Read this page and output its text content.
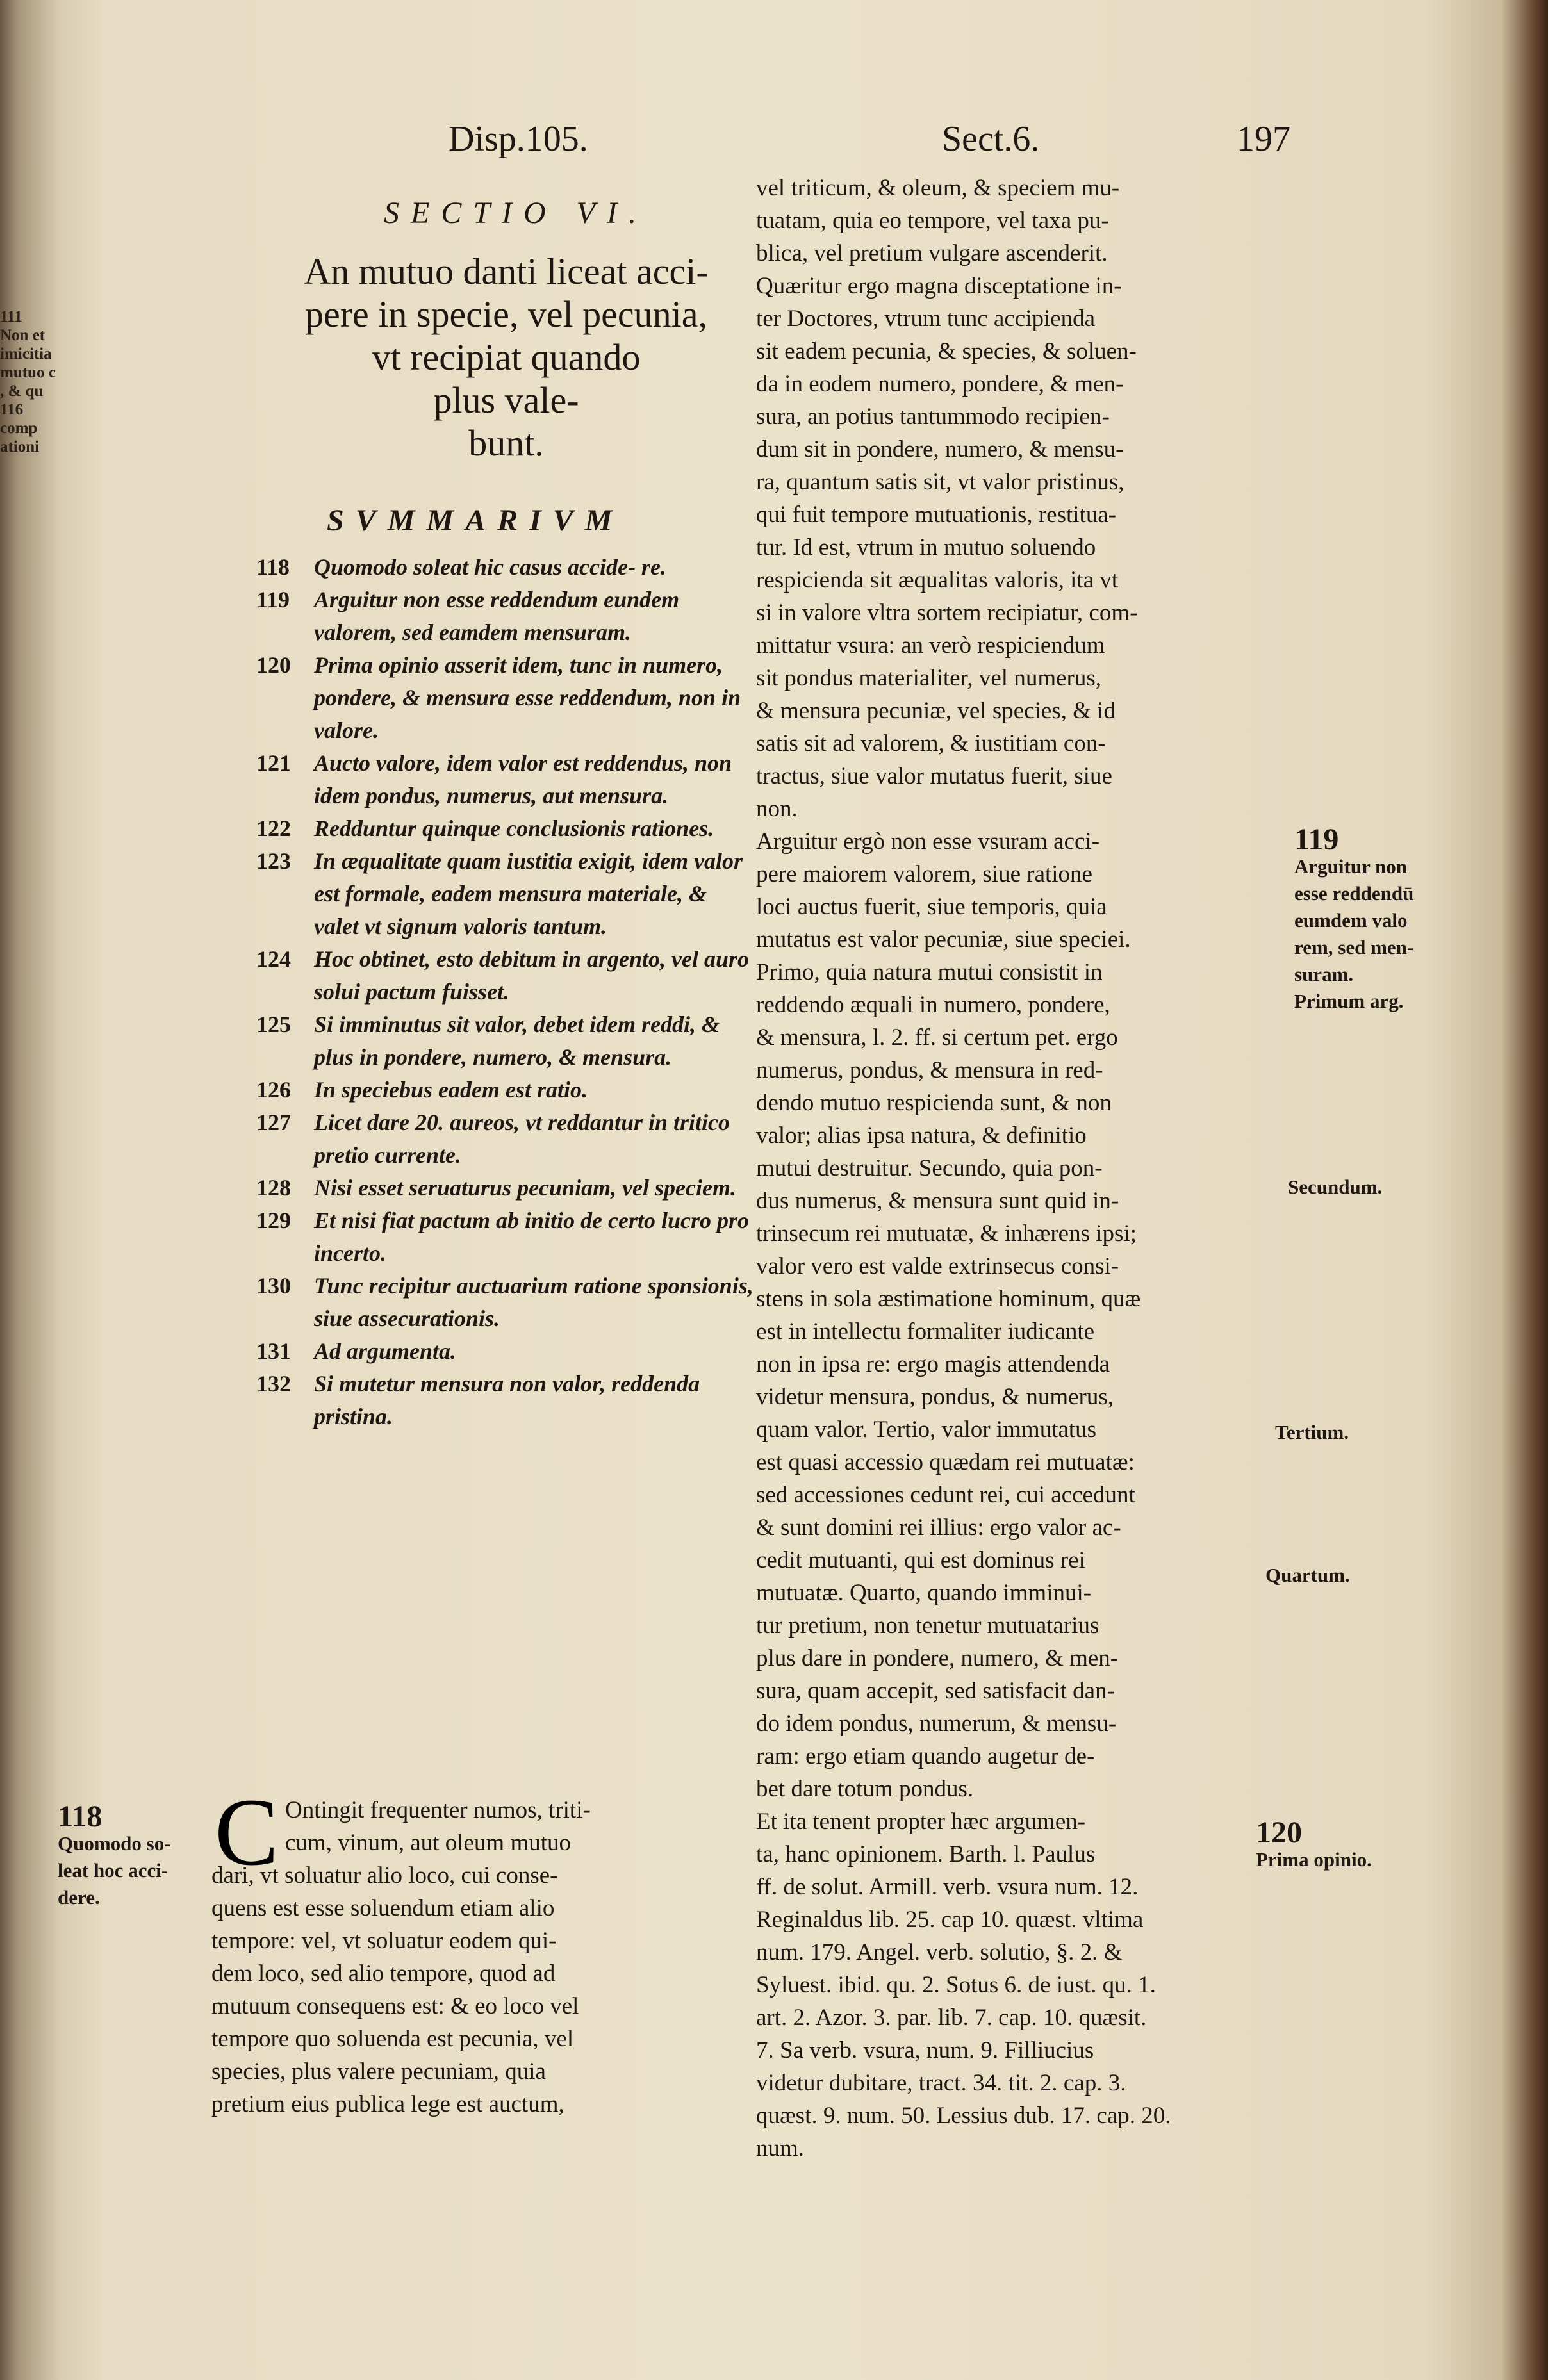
111
Non et
imicitia
mutuo c
, & qu
116
comp
ationi
Disp.105.	Sect.6.	197
SECTIO VI.
An mutuo danti liceat acci-
pere in specie, vel pecunia,
vt recipiat quando
plus vale-
bunt.
SVMMARIVM
118	Quomodo soleat hic casus accide- re.
119	Arguitur non esse reddendum eundem valorem, sed eamdem mensuram.
120	Prima opinio asserit idem, tunc in numero, pondere, & mensura esse reddendum, non in valore.
121	Aucto valore, idem valor est reddendus, non idem pondus, numerus, aut mensura.
122	Redduntur quinque conclusionis rationes.
123	In æqualitate quam iustitia exigit, idem valor est formale, eadem mensura materiale, & valet vt signum valoris tantum.
124	Hoc obtinet, esto debitum in argento, vel auro solui pactum fuisset.
125	Si imminutus sit valor, debet idem reddi, & plus in pondere, numero, & mensura.
126	In speciebus eadem est ratio.
127	Licet dare 20. aureos, vt reddantur in tritico pretio currente.
128	Nisi esset seruaturus pecuniam, vel speciem.
129	Et nisi fiat pactum ab initio de certo lucro pro incerto.
130	Tunc recipitur auctuarium ratione sponsionis, siue assecurationis.
131	Ad argumenta.
132	Si mutetur mensura non valor, reddenda pristina.
vel triticum, & oleum, & speciem mu-
tuatam, quia eo tempore, vel taxa pu-
blica, vel pretium vulgare ascenderit.
Quæritur ergo magna disceptatione in-
ter Doctores, vtrum tunc accipienda
sit eadem pecunia, & species, & soluen-
da in eodem numero, pondere, & men-
sura, an potius tantummodo recipien-
dum sit in pondere, numero, & mensu-
ra, quantum satis sit, vt valor pristinus,
qui fuit tempore mutuationis, restitua-
tur. Id est, vtrum in mutuo soluendo
respicienda sit æqualitas valoris, ita vt
si in valore vltra sortem recipiatur, com-
mittatur vsura: an verò respiciendum
sit pondus materialiter, vel numerus,
& mensura pecuniæ, vel species, & id
satis sit ad valorem, & iustitiam con-
tractus, siue valor mutatus fuerit, siue
non.
Arguitur ergò non esse vsuram acci-
pere maiorem valorem, siue ratione
loci auctus fuerit, siue temporis, quia
mutatus est valor pecuniæ, siue speciei.
Primo, quia natura mutui consistit in
reddendo æquali in numero, pondere,
& mensura, l. 2. ff. si certum pet. ergo
numerus, pondus, & mensura in red-
dendo mutuo respicienda sunt, & non
valor; alias ipsa natura, & definitio
mutui destruitur. Secundo, quia pon-
dus numerus, & mensura sunt quid in-
trinsecum rei mutuatæ, & inhærens ipsi;
valor vero est valde extrinsecus consi-
stens in sola æstimatione hominum, quæ
est in intellectu formaliter iudicante
non in ipsa re: ergo magis attendenda
videtur mensura, pondus, & numerus,
quam valor. Tertio, valor immutatus
est quasi accessio quædam rei mutuatæ:
sed accessiones cedunt rei, cui accedunt
& sunt domini rei illius: ergo valor ac-
cedit mutuanti, qui est dominus rei
mutuatæ. Quarto, quando imminui-
tur pretium, non tenetur mutuatarius
plus dare in pondere, numero, & men-
sura, quam accepit, sed satisfacit dan-
do idem pondus, numerum, & mensu-
ram: ergo etiam quando augetur de-
bet dare totum pondus.
Et ita tenent propter hæc argumen-
ta, hanc opinionem. Barth. l. Paulus
ff. de solut. Armill. verb. vsura num. 12.
Reginaldus lib. 25. cap 10. quæst. vltima
num. 179. Angel. verb. solutio, §. 2. &
Syluest. ibid. qu. 2. Sotus 6. de iust. qu. 1.
art. 2. Azor. 3. par. lib. 7. cap. 10. quæsit.
7. Sa verb. vsura, num. 9. Filliucius
videtur dubitare, tract. 34. tit. 2. cap. 3.
quæst. 9. num. 50. Lessius dub. 17. cap. 20.
num.
C Ontingit frequenter numos, triti-
cum, vinum, aut oleum mutuo
dari, vt soluatur alio loco, cui conse-
quens est esse soluendum etiam alio
tempore: vel, vt soluatur eodem qui-
dem loco, sed alio tempore, quod ad
mutuum consequens est: & eo loco vel
tempore quo soluenda est pecunia, vel
species, plus valere pecuniam, quia
pretium eius publica lege est auctum,
118
Quomodo so-
leat hoc acci-
dere.
119
Arguitur non
esse reddendū
eumdem valo
rem, sed men-
suram.
Primum arg.
Secundum.
Tertium.
Quartum.
120
Prima opinio.
